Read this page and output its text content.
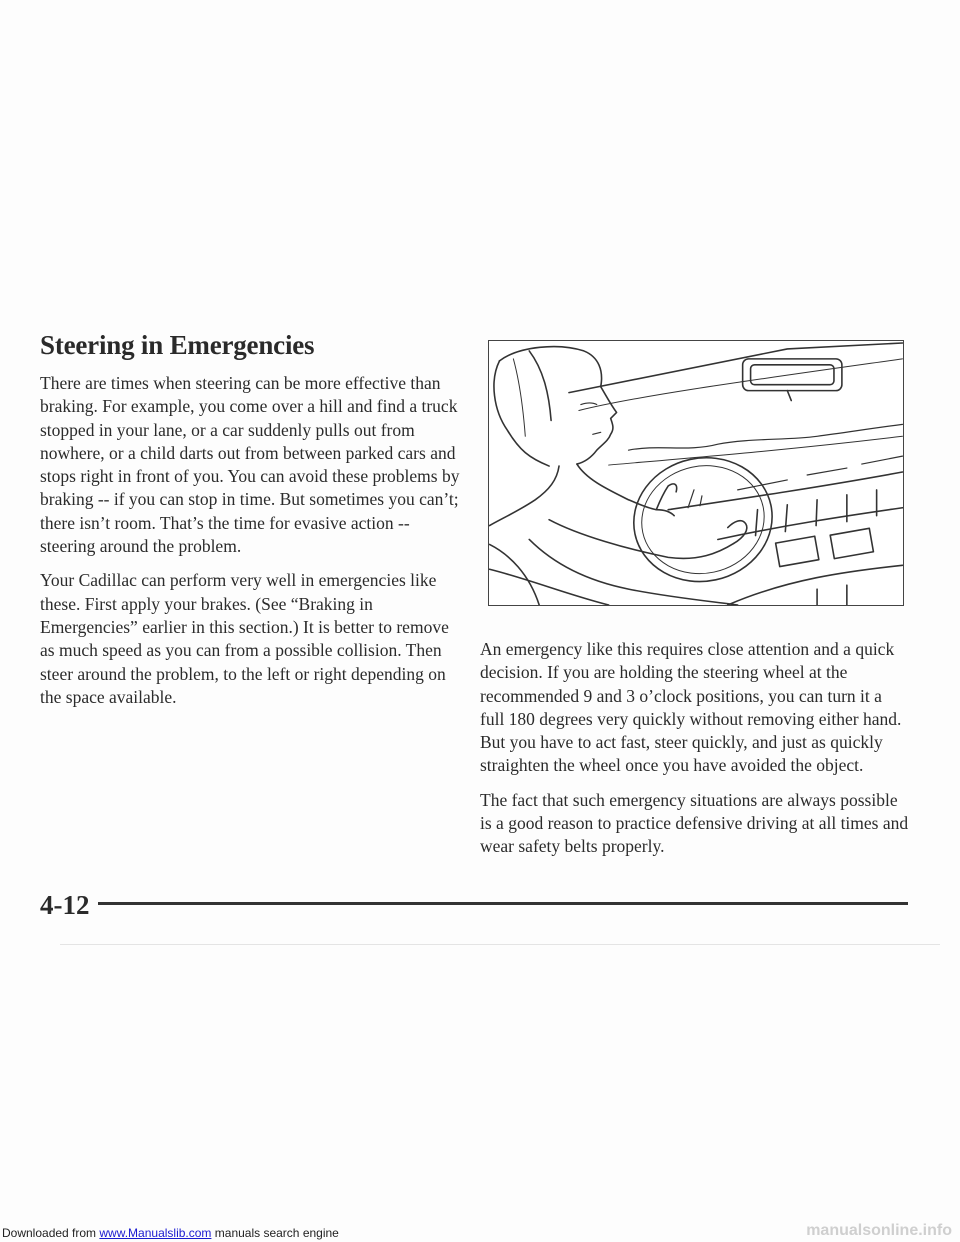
Steering in Emergencies

There are times when steering can be more effective than braking. For example, you come over a hill and find a truck stopped in your lane, or a car suddenly pulls out from nowhere, or a child darts out from between parked cars and stops right in front of you. You can avoid these problems by braking -- if you can stop in time. But sometimes you can’t; there isn’t room. That’s the time for evasive action -- steering around the problem.

Your Cadillac can perform very well in emergencies like these. First apply your brakes. (See “Braking in Emergencies” earlier in this section.) It is better to remove as much speed as you can from a possible collision. Then steer around the problem, to the left or right depending on the space available.

An emergency like this requires close attention and a quick decision. If you are holding the steering wheel at the recommended 9 and 3 o’clock positions, you can turn it a full 180 degrees very quickly without removing either hand. But you have to act fast, steer quickly, and just as quickly straighten the wheel once you have avoided the object.

The fact that such emergency situations are always possible is a good reason to practice defensive driving at all times and wear safety belts properly.

4-12
Downloaded from www.Manualslib.com manuals search engine	manualsonline.info
